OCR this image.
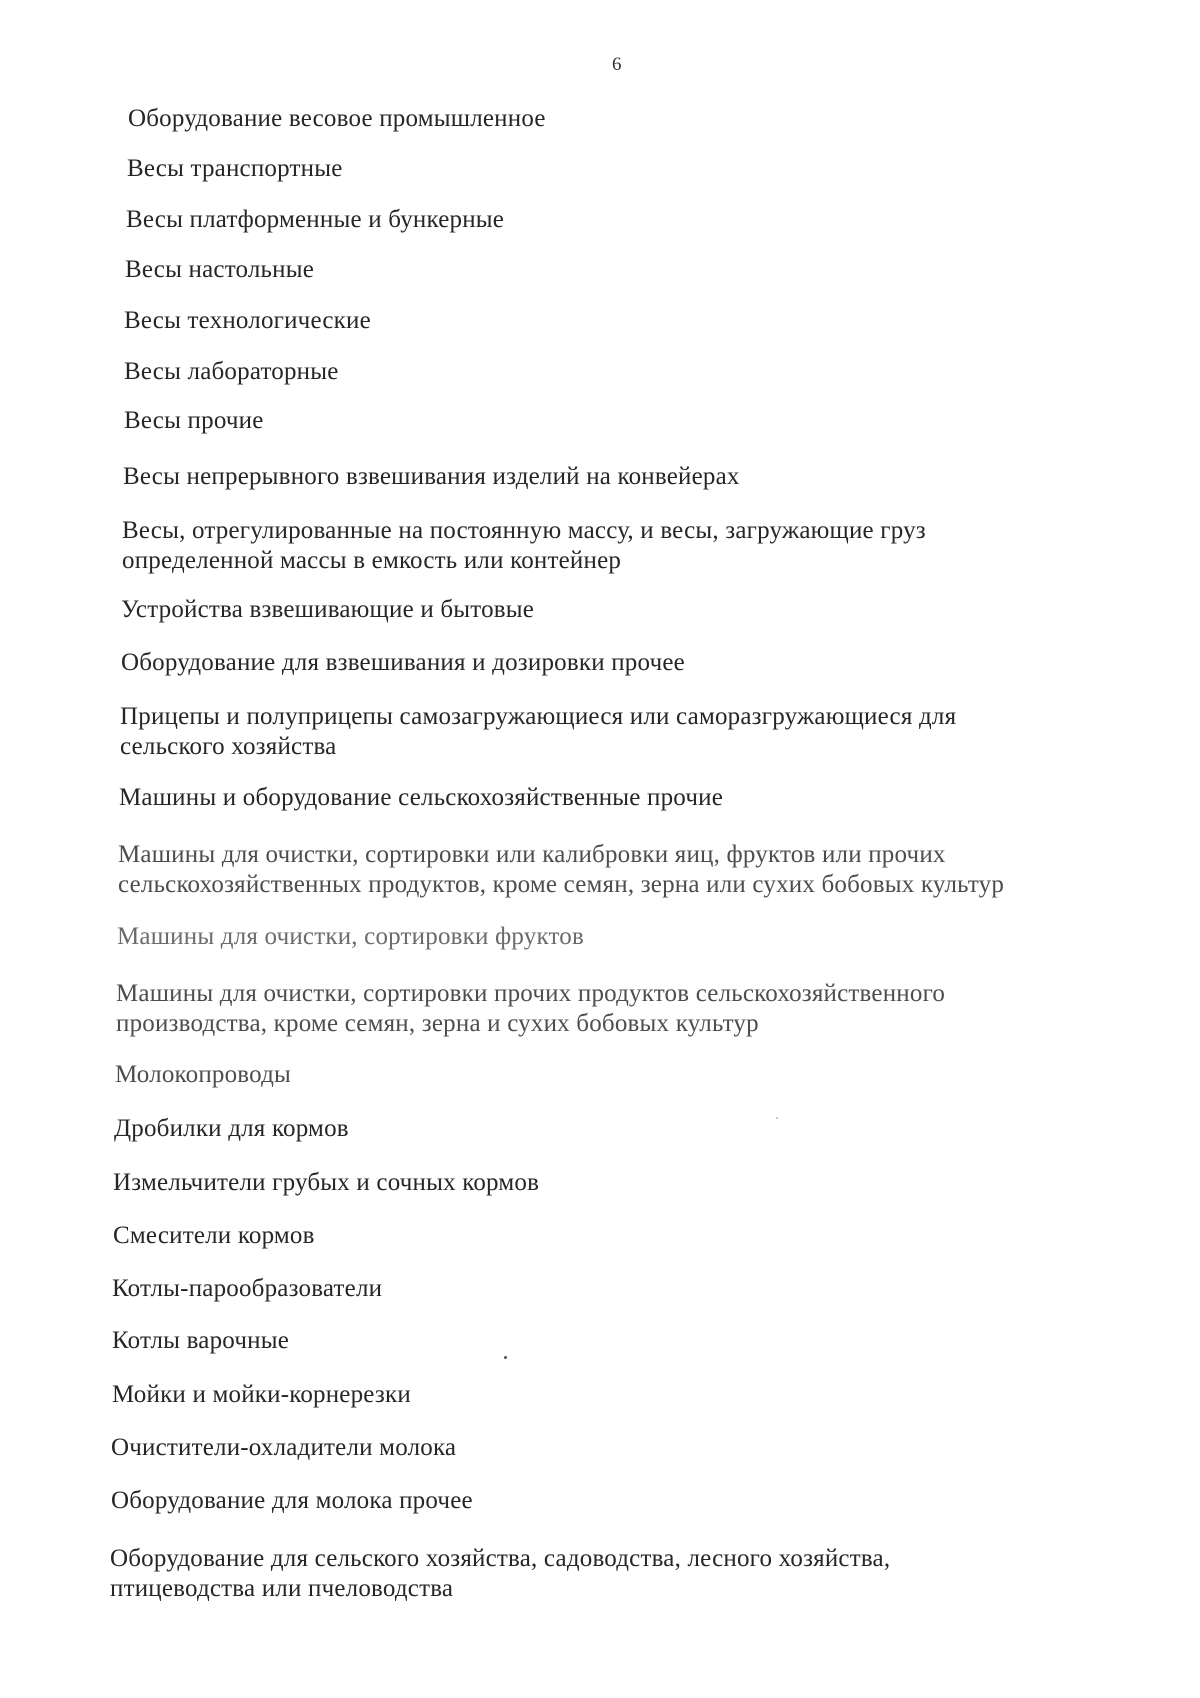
6
Оборудование весовое промышленное
Весы транспортные
Весы платформенные и бункерные
Весы настольные
Весы технологические
Весы лабораторные
Весы прочие
Весы непрерывного взвешивания изделий на конвейерах
Весы, отрегулированные на постоянную массу, и весы, загружающие груз
определенной массы в емкость или контейнер
Устройства взвешивающие и бытовые
Оборудование для взвешивания и дозировки прочее
Прицепы и полуприцепы самозагружающиеся или саморазгружающиеся для
сельского хозяйства
Машины и оборудование сельскохозяйственные прочие
Машины для очистки, сортировки или калибровки яиц, фруктов или прочих
сельскохозяйственных продуктов, кроме семян, зерна или сухих бобовых культур
Машины для очистки, сортировки фруктов
Машины для очистки, сортировки прочих продуктов сельскохозяйственного
производства, кроме семян, зерна и сухих бобовых культур
Молокопроводы
Дробилки для кормов
Измельчители грубых и сочных кормов
Смесители кормов
Котлы-парообразователи
Котлы варочные
Мойки и мойки-корнерезки
Очистители-охладители молока
Оборудование для молока прочее
Оборудование для сельского хозяйства, садоводства, лесного хозяйства,
птицеводства или пчеловодства
